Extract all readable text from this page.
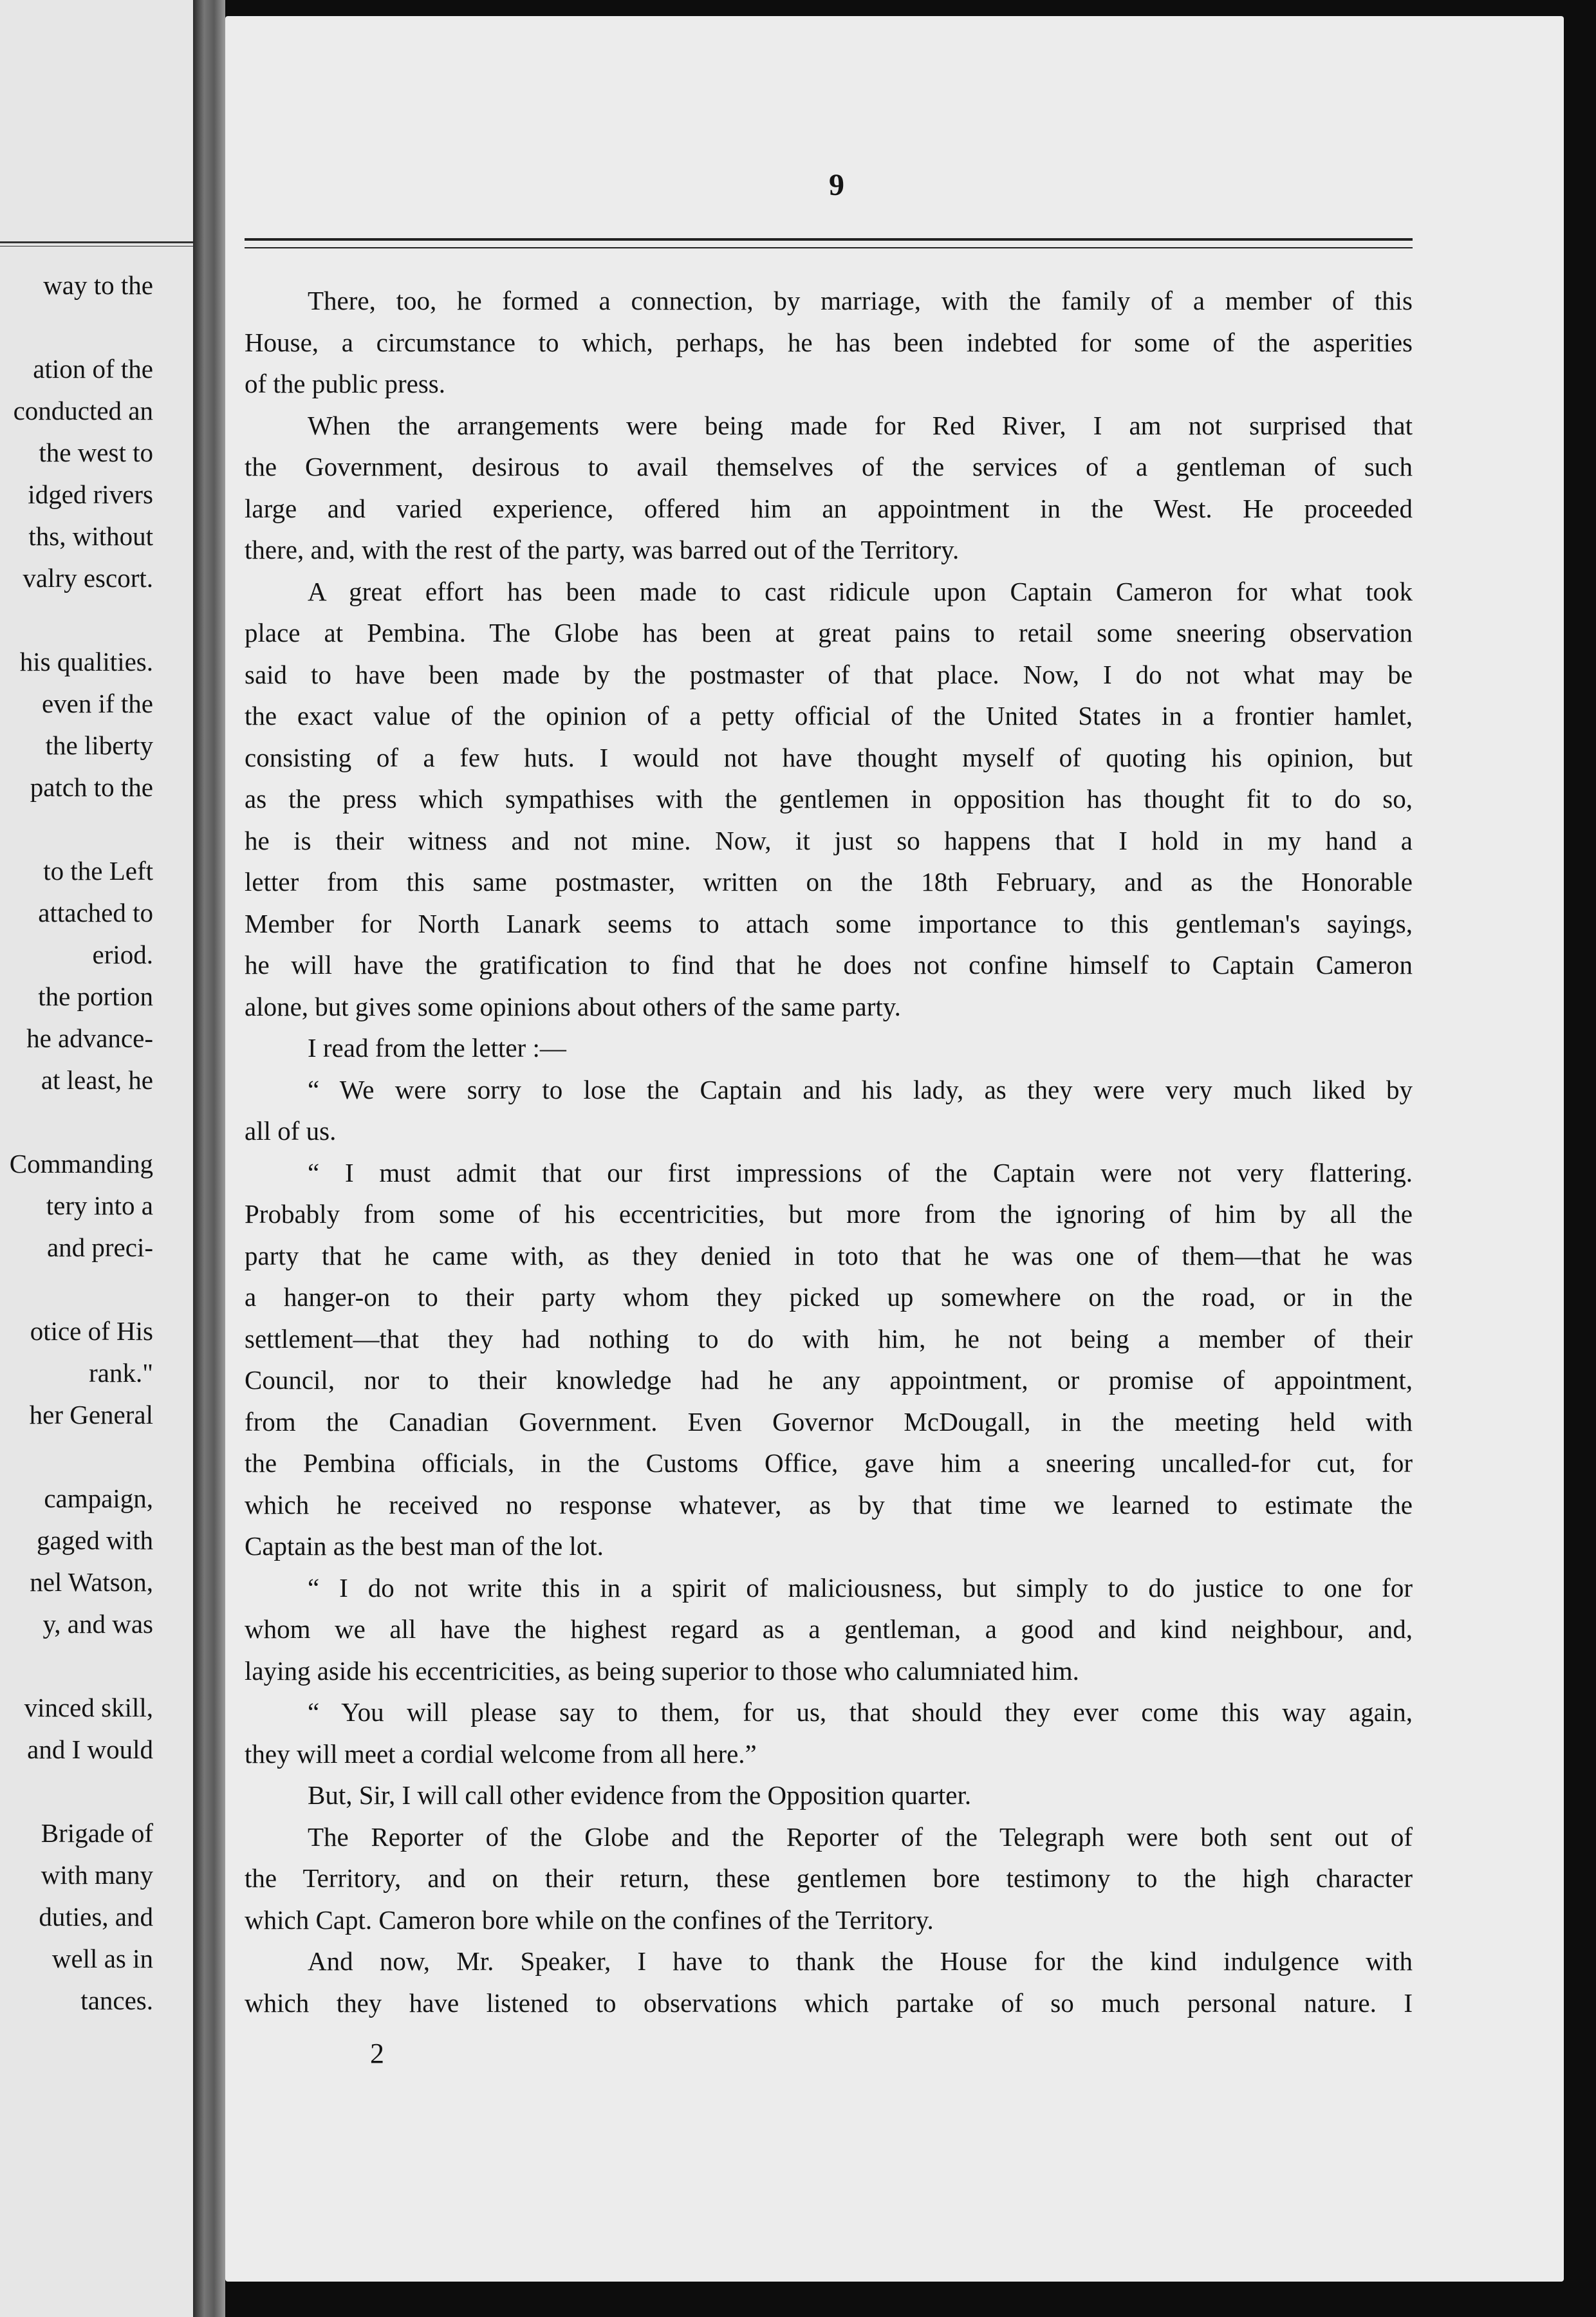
way to the
ation of the
conducted an
the west to
idged rivers
ths, without
valry escort.
his qualities.
even if the
the liberty
patch to the
to the Left
attached to
eriod.
the portion
he advance-
at least, he
Commanding
tery into a
and preci-
otice of His
rank."
her General
campaign,
gaged with
nel Watson,
y, and was
vinced skill,
and I would
Brigade of
with many
duties, and
well as in
tances.
9
There, too, he formed a connection, by marriage, with the family of a member of this
House, a circumstance to which, perhaps, he has been indebted for some of the asperities
of the public press.
When the arrangements were being made for Red River, I am not surprised that
the Government, desirous to avail themselves of the services of a gentleman of such
large and varied experience, offered him an appointment in the West. He proceeded
there, and, with the rest of the party, was barred out of the Territory.
A great effort has been made to cast ridicule upon Captain Cameron for what took
place at Pembina. The Globe has been at great pains to retail some sneering observation
said to have been made by the postmaster of that place. Now, I do not what may be
the exact value of the opinion of a petty official of the United States in a frontier hamlet,
consisting of a few huts. I would not have thought myself of quoting his opinion, but
as the press which sympathises with the gentlemen in opposition has thought fit to do so,
he is their witness and not mine. Now, it just so happens that I hold in my hand a
letter from this same postmaster, written on the 18th February, and as the Honorable
Member for North Lanark seems to attach some importance to this gentleman's sayings,
he will have the gratification to find that he does not confine himself to Captain Cameron
alone, but gives some opinions about others of the same party.
I read from the letter :—
“ We were sorry to lose the Captain and his lady, as they were very much liked by
all of us.
“ I must admit that our first impressions of the Captain were not very flattering.
Probably from some of his eccentricities, but more from the ignoring of him by all the
party that he came with, as they denied in toto that he was one of them—that he was
a hanger-on to their party whom they picked up somewhere on the road, or in the
settlement—that they had nothing to do with him, he not being a member of their
Council, nor to their knowledge had he any appointment, or promise of appointment,
from the Canadian Government. Even Governor McDougall, in the meeting held with
the Pembina officials, in the Customs Office, gave him a sneering uncalled-for cut, for
which he received no response whatever, as by that time we learned to estimate the
Captain as the best man of the lot.
“ I do not write this in a spirit of maliciousness, but simply to do justice to one for
whom we all have the highest regard as a gentleman, a good and kind neighbour, and,
laying aside his eccentricities, as being superior to those who calumniated him.
“ You will please say to them, for us, that should they ever come this way again,
they will meet a cordial welcome from all here.”
But, Sir, I will call other evidence from the Opposition quarter.
The Reporter of the Globe and the Reporter of the Telegraph were both sent out of
the Territory, and on their return, these gentlemen bore testimony to the high character
which Capt. Cameron bore while on the confines of the Territory.
And now, Mr. Speaker, I have to thank the House for the kind indulgence with
which they have listened to observations which partake of so much personal nature. I
2
